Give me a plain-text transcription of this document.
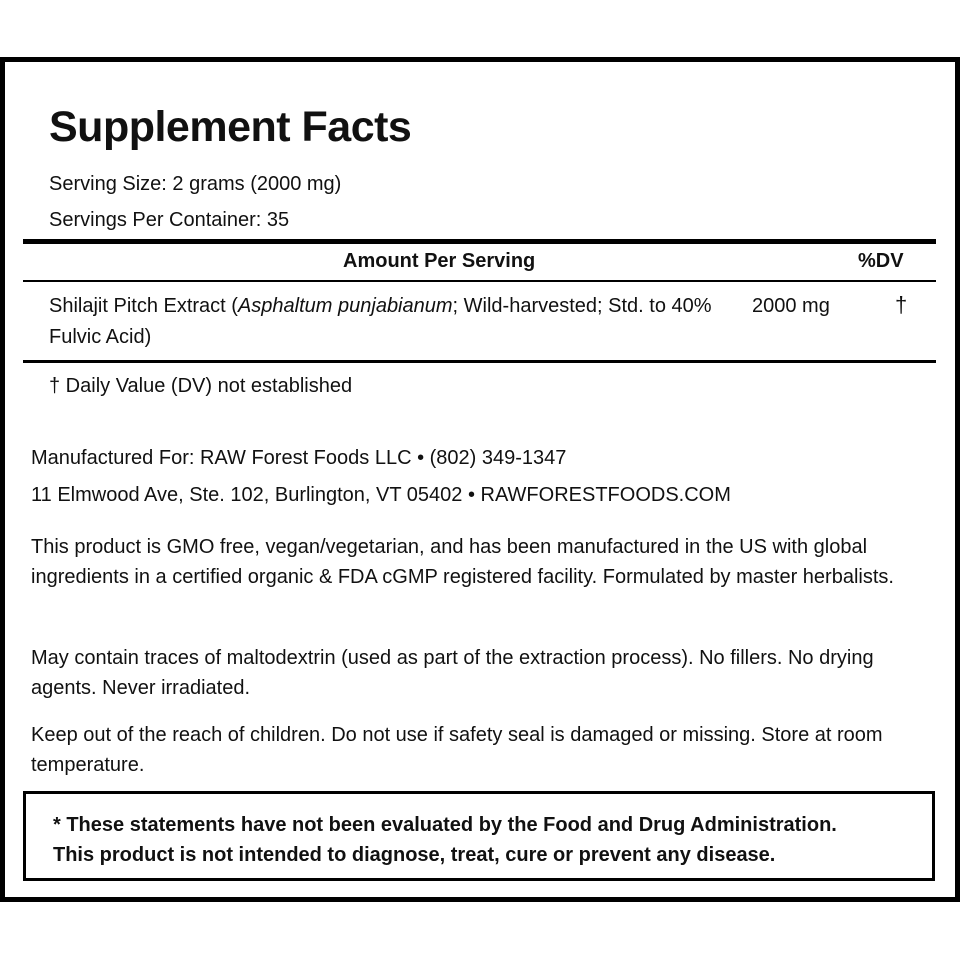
Supplement Facts
Serving Size: 2 grams (2000 mg)
Servings Per Container: 35
Amount Per Serving	%DV
Shilajit Pitch Extract (Asphaltum punjabianum; Wild-harvested; Std. to 40% Fulvic Acid)
2000 mg	†
† Daily Value (DV) not established
Manufactured For: RAW Forest Foods LLC • (802) 349-1347
11 Elmwood Ave, Ste. 102, Burlington, VT 05402 • RAWFORESTFOODS.COM
This product is GMO free, vegan/vegetarian, and has been manufactured in the US with global ingredients in a certified organic & FDA cGMP registered facility. Formulated by master herbalists.
May contain traces of maltodextrin (used as part of the extraction process). No fillers. No drying agents. Never irradiated.
Keep out of the reach of children. Do not use if safety seal is damaged or missing. Store at room temperature.
* These statements have not been evaluated by the Food and Drug Administration.
This product is not intended to diagnose, treat, cure or prevent any disease.
